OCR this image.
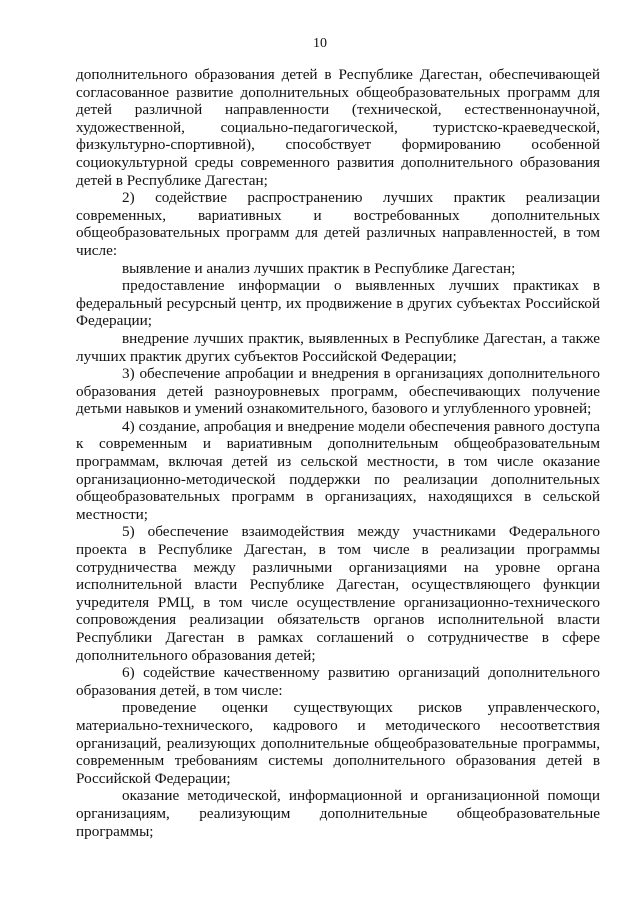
10

дополнительного образования детей в Республике Дагестан, обеспечивающей согласованное развитие дополнительных общеобразовательных программ для детей различной направленности (технической, естественнонаучной, художественной, социально-педагогической, туристско-краеведческой, физкультурно-спортивной), способствует формированию особенной социокультурной среды современного развития дополнительного образования детей в Республике Дагестан;

2) содействие распространению лучших практик реализации современных, вариативных и востребованных дополнительных общеобразовательных программ для детей различных направленностей, в том числе:

выявление и анализ лучших практик в Республике Дагестан;

предоставление информации о выявленных лучших практиках в федеральный ресурсный центр, их продвижение в других субъектах Российской Федерации;

внедрение лучших практик, выявленных в Республике Дагестан, а также лучших практик других субъектов Российской Федерации;

3) обеспечение апробации и внедрения в организациях дополнительного образования детей разноуровневых программ, обеспечивающих получение детьми навыков и умений ознакомительного, базового и углубленного уровней;

4) создание, апробация и внедрение модели обеспечения равного доступа к современным и вариативным дополнительным общеобразовательным программам, включая детей из сельской местности, в том числе оказание организационно-методической поддержки по реализации дополнительных общеобразовательных программ в организациях, находящихся в сельской местности;

5) обеспечение взаимодействия между участниками Федерального проекта в Республике Дагестан, в том числе в реализации программы сотрудничества между различными организациями на уровне органа исполнительной власти Республике Дагестан, осуществляющего функции учредителя РМЦ, в том числе осуществление организационно-технического сопровождения реализации обязательств органов исполнительной власти Республики Дагестан в рамках соглашений о сотрудничестве в сфере дополнительного образования детей;

6) содействие качественному развитию организаций дополнительного образования детей, в том числе:

проведение оценки существующих рисков управленческого, материально-технического, кадрового и методического несоответствия организаций, реализующих дополнительные общеобразовательные программы, современным требованиям системы дополнительного образования детей в Российской Федерации;

оказание методической, информационной и организационной помощи организациям, реализующим дополнительные общеобразовательные программы;
